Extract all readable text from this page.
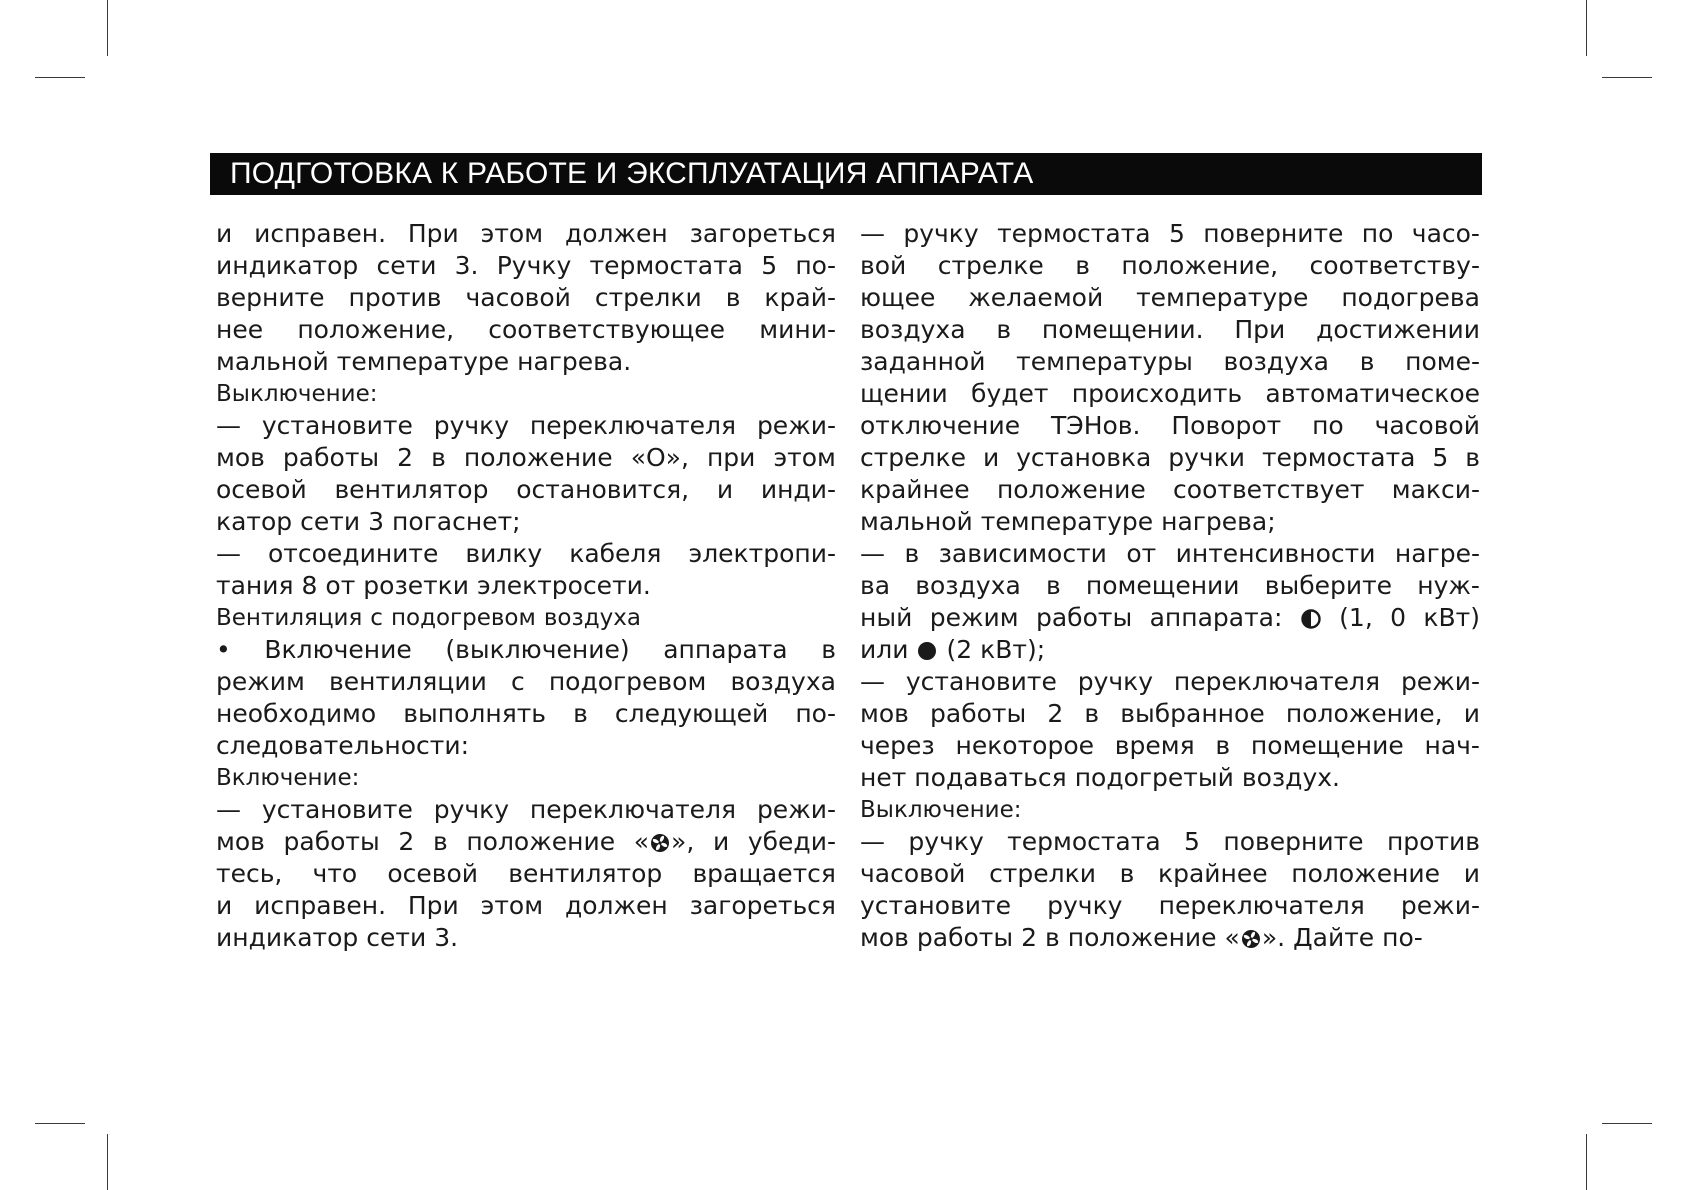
ПОДГОТОВКА К РАБОТЕ И ЭКСПЛУАТАЦИЯ АППАРАТА
и исправен. При этом должен загореться
индикатор сети 3. Ручку термостата 5 по-
верните против часовой стрелки в край-
нее положение, соответствующее мини-
мальной температуре нагрева.
Выключение:
— установите ручку переключателя режи-
мов работы 2 в положение «О», при этом
осевой вентилятор остановится, и инди-
катор сети 3 погаснет;
— отсоедините вилку кабеля электропи-
тания 8 от розетки электросети.
Вентиляция с подогревом воздуха
• Включение (выключение) аппарата в
режим вентиляции с подогревом воздуха
необходимо выполнять в следующей по-
следовательности:
Включение:
— установите ручку переключателя режи-
мов работы 2 в положение « », и убеди-
тесь, что осевой вентилятор вращается
и исправен. При этом должен загореться
индикатор сети 3.
— ручку термостата 5 поверните по часо-
вой стрелке в положение, соответству-
ющее желаемой температуре подогрева
воздуха в помещении. При достижении
заданной температуры воздуха в поме-
щении будет происходить автоматическое
отключение ТЭНов. Поворот по часовой
стрелке и установка ручки термостата 5 в
крайнее положение соответствует макси-
мальной температуре нагрева;
— в зависимости от интенсивности нагре-
ва воздуха в помещении выберите нуж-
ный режим работы аппарата: (1, 0 кВт)
или (2 кВт);
— установите ручку переключателя режи-
мов работы 2 в выбранное положение, и
через некоторое время в помещение нач-
нет подаваться подогретый воздух.
Выключение:
— ручку термостата 5 поверните против
часовой стрелки в крайнее положение и
установите ручку переключателя режи-
мов работы 2 в положение « ». Дайте по-
